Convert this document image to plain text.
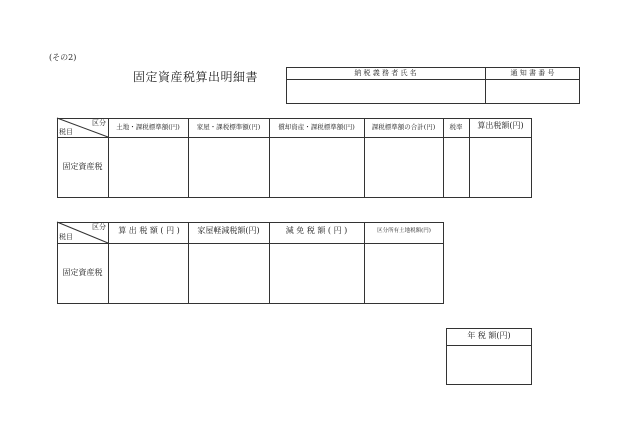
(その2)
固定資産税算出明細書	納 税 義 務 者 氏 名	通 知 書 番 号
区分
税目
土地・課税標準額(円)	家屋・課税標準額(円)	償却資産・課税標準額(円)	課税標準額の合計(円)	税率	算出税額(円)
固定資産税
区分
税目
算 出 税 額 ( 円 )	家屋軽減税額(円)	減 免 税 額 ( 円 )	区分所有土地税額(円)
固定資産税
年 税 額(円)
